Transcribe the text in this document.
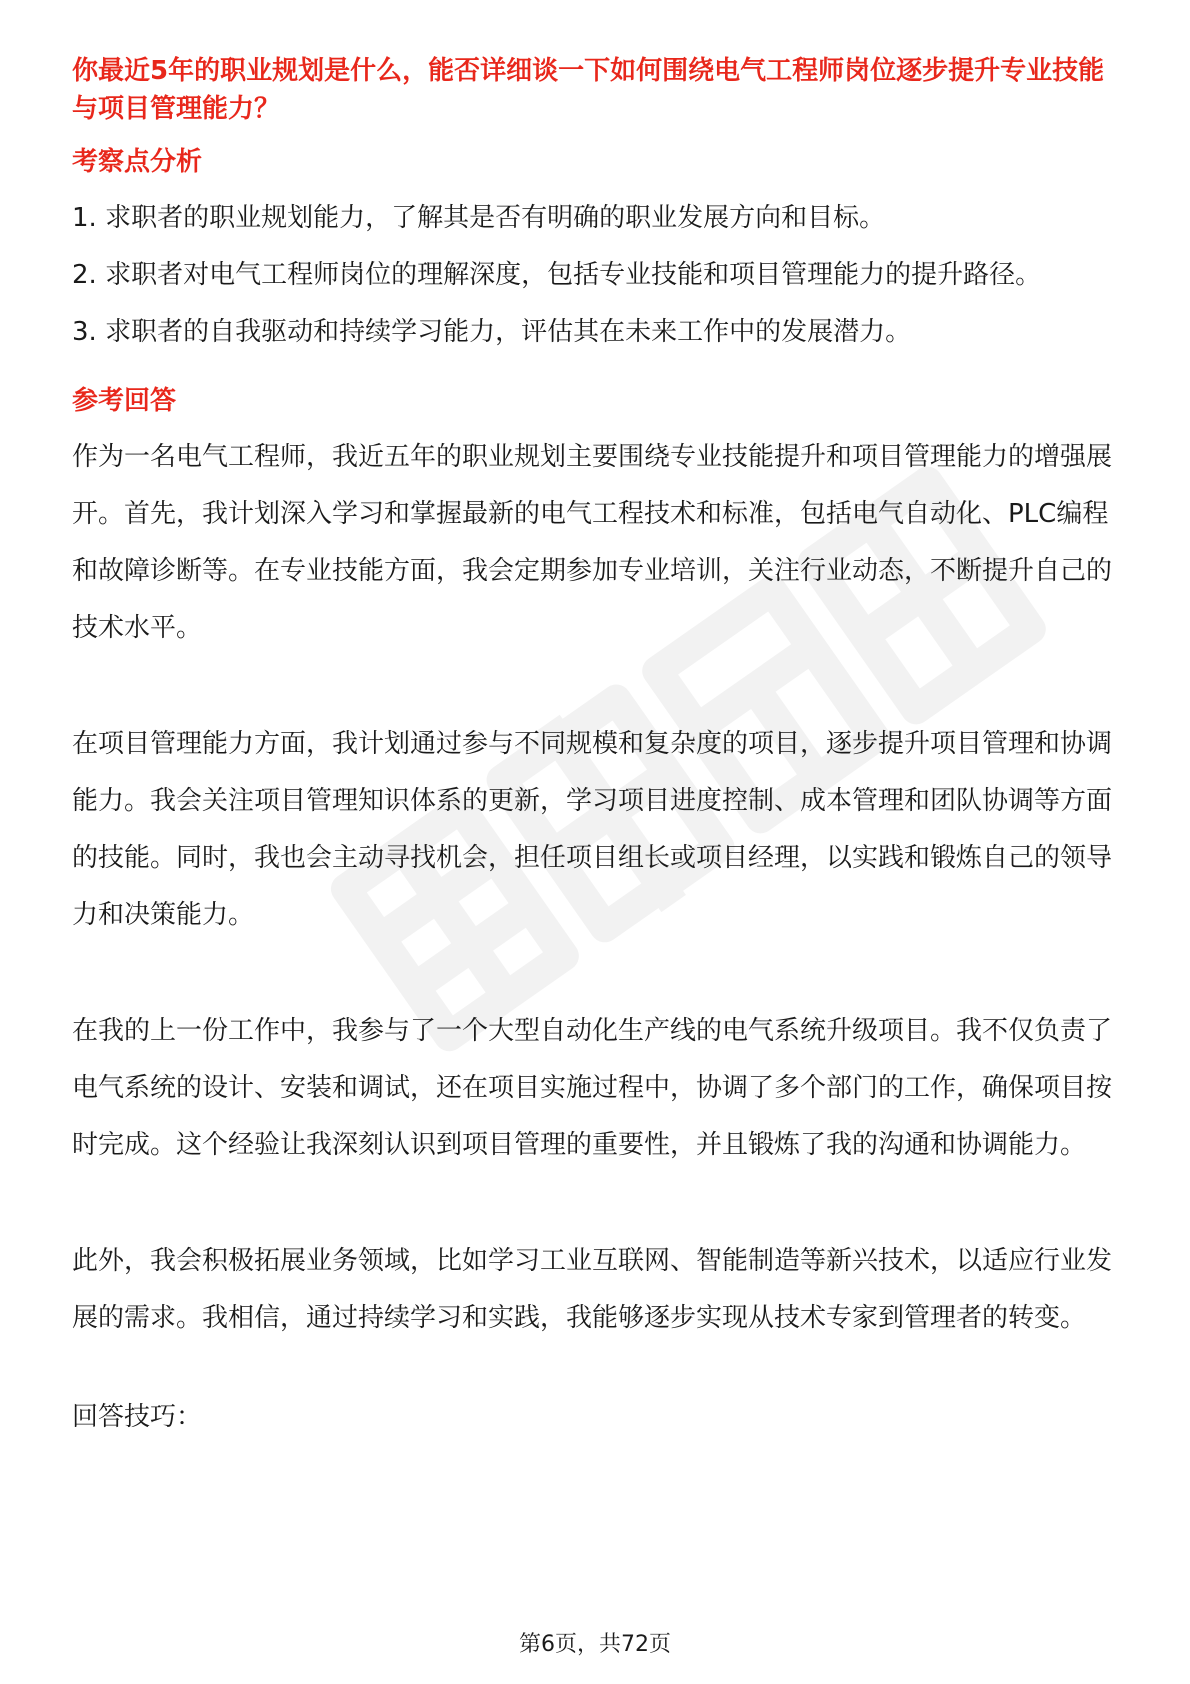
你最近5年的职业规划是什么，能否详细谈一下如何围绕电气工程师岗位逐步提升专业技能与项目管理能力？
考察点分析

1. 求职者的职业规划能力，了解其是否有明确的职业发展方向和目标。

2. 求职者对电气工程师岗位的理解深度，包括专业技能和项目管理能力的提升路径。

3. 求职者的自我驱动和持续学习能力，评估其在未来工作中的发展潜力。

参考回答

作为一名电气工程师，我近五年的职业规划主要围绕专业技能提升和项目管理能力的增强展开。首先，我计划深入学习和掌握最新的电气工程技术和标准，包括电气自动化、PLC编程和故障诊断等。在专业技能方面，我会定期参加专业培训，关注行业动态，不断提升自己的技术水平。

在项目管理能力方面，我计划通过参与不同规模和复杂度的项目，逐步提升项目管理和协调能力。我会关注项目管理知识体系的更新，学习项目进度控制、成本管理和团队协调等方面的技能。同时，我也会主动寻找机会，担任项目组长或项目经理，以实践和锻炼自己的领导力和决策能力。

在我的上一份工作中，我参与了一个大型自动化生产线的电气系统升级项目。我不仅负责了电气系统的设计、安装和调试，还在项目实施过程中，协调了多个部门的工作，确保项目按时完成。这个经验让我深刻认识到项目管理的重要性，并且锻炼了我的沟通和协调能力。

此外，我会积极拓展业务领域，比如学习工业互联网、智能制造等新兴技术，以适应行业发展的需求。我相信，通过持续学习和实践，我能够逐步实现从技术专家到管理者的转变。

回答技巧：

第6页，共72页
